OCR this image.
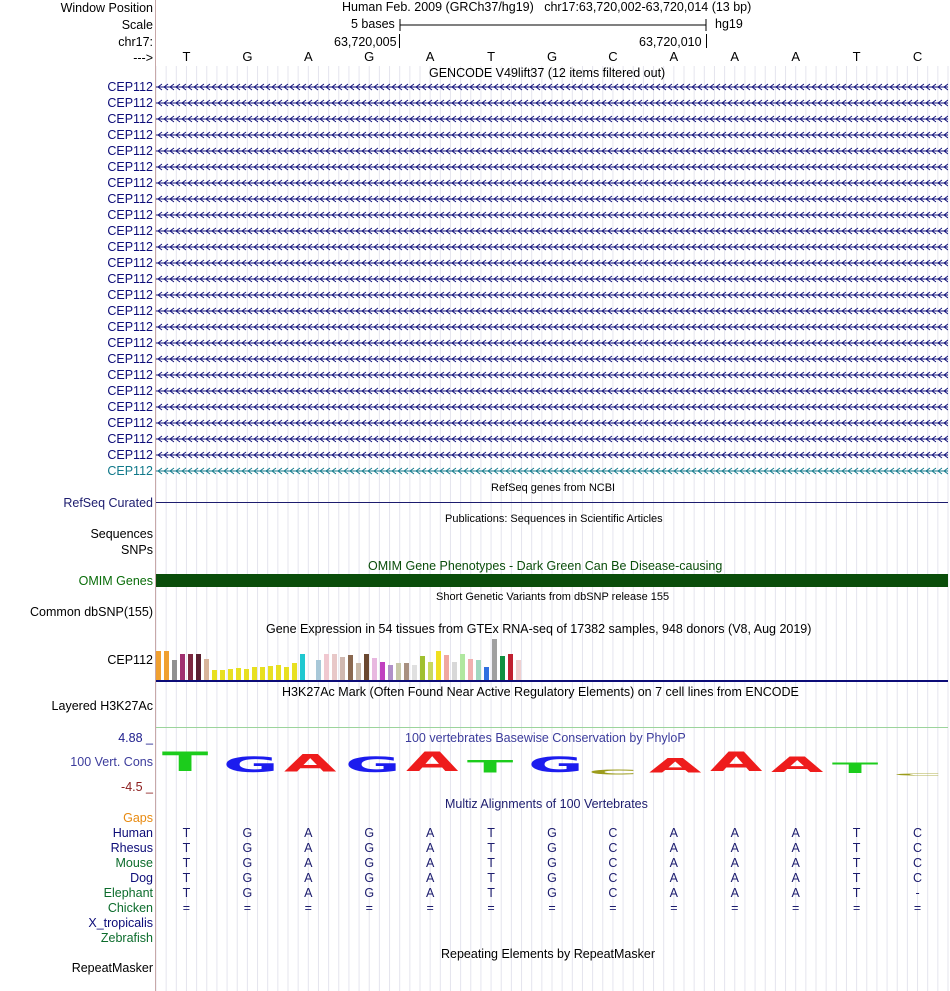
Window Position
Scale
chr17:
--->
Human Feb. 2009 (GRCh37/hg19)   chr17:63,720,002-63,720,014 (13 bp)
5 bases	hg19
63,720,005	63,720,010
T	G	A	G	A	T	G	C	A	A	A	T	C
GENCODE V49lift37 (12 items filtered out)
CEP112
CEP112
CEP112
CEP112
CEP112
CEP112
CEP112
CEP112
CEP112
CEP112
CEP112
CEP112
CEP112
CEP112
CEP112
CEP112
CEP112
CEP112
CEP112
CEP112
CEP112
CEP112
CEP112
CEP112
CEP112
RefSeq Curated
RefSeq genes from NCBI
Publications: Sequences in Scientific Articles
Sequences
SNPs
OMIM Gene Phenotypes - Dark Green Can Be Disease-causing
OMIM Genes
Short Genetic Variants from dbSNP release 155
Common dbSNP(155)
Gene Expression in 54 tissues from GTEx RNA-seq of 17382 samples, 948 donors (V8, Aug 2019)
CEP112
H3K27Ac Mark (Often Found Near Active Regulatory Elements) on 7 cell lines from ENCODE
Layered H3K27Ac
100 vertebrates Basewise Conservation by PhyloP
4.88 _
100 Vert. Cons
-4.5 _
T G A G A T G C A A A T C
Multiz Alignments of 100 Vertebrates
Gaps
Human T	G	A	G	A	T	G	C	A	A	A	T	C
Rhesus T	G	A	G	A	T	G	C	A	A	A	T	C
Mouse T	G	A	G	A	T	G	C	A	A	A	T	C
Dog T	G	A	G	A	T	G	C	A	A	A	T	C
Elephant T	G	A	G	A	T	G	C	A	A	A	T	-
Chicken =	=	=	=	=	=	=	=	=	=	=	=	=
X_tropicalis
Zebrafish
Repeating Elements by RepeatMasker
RepeatMasker
